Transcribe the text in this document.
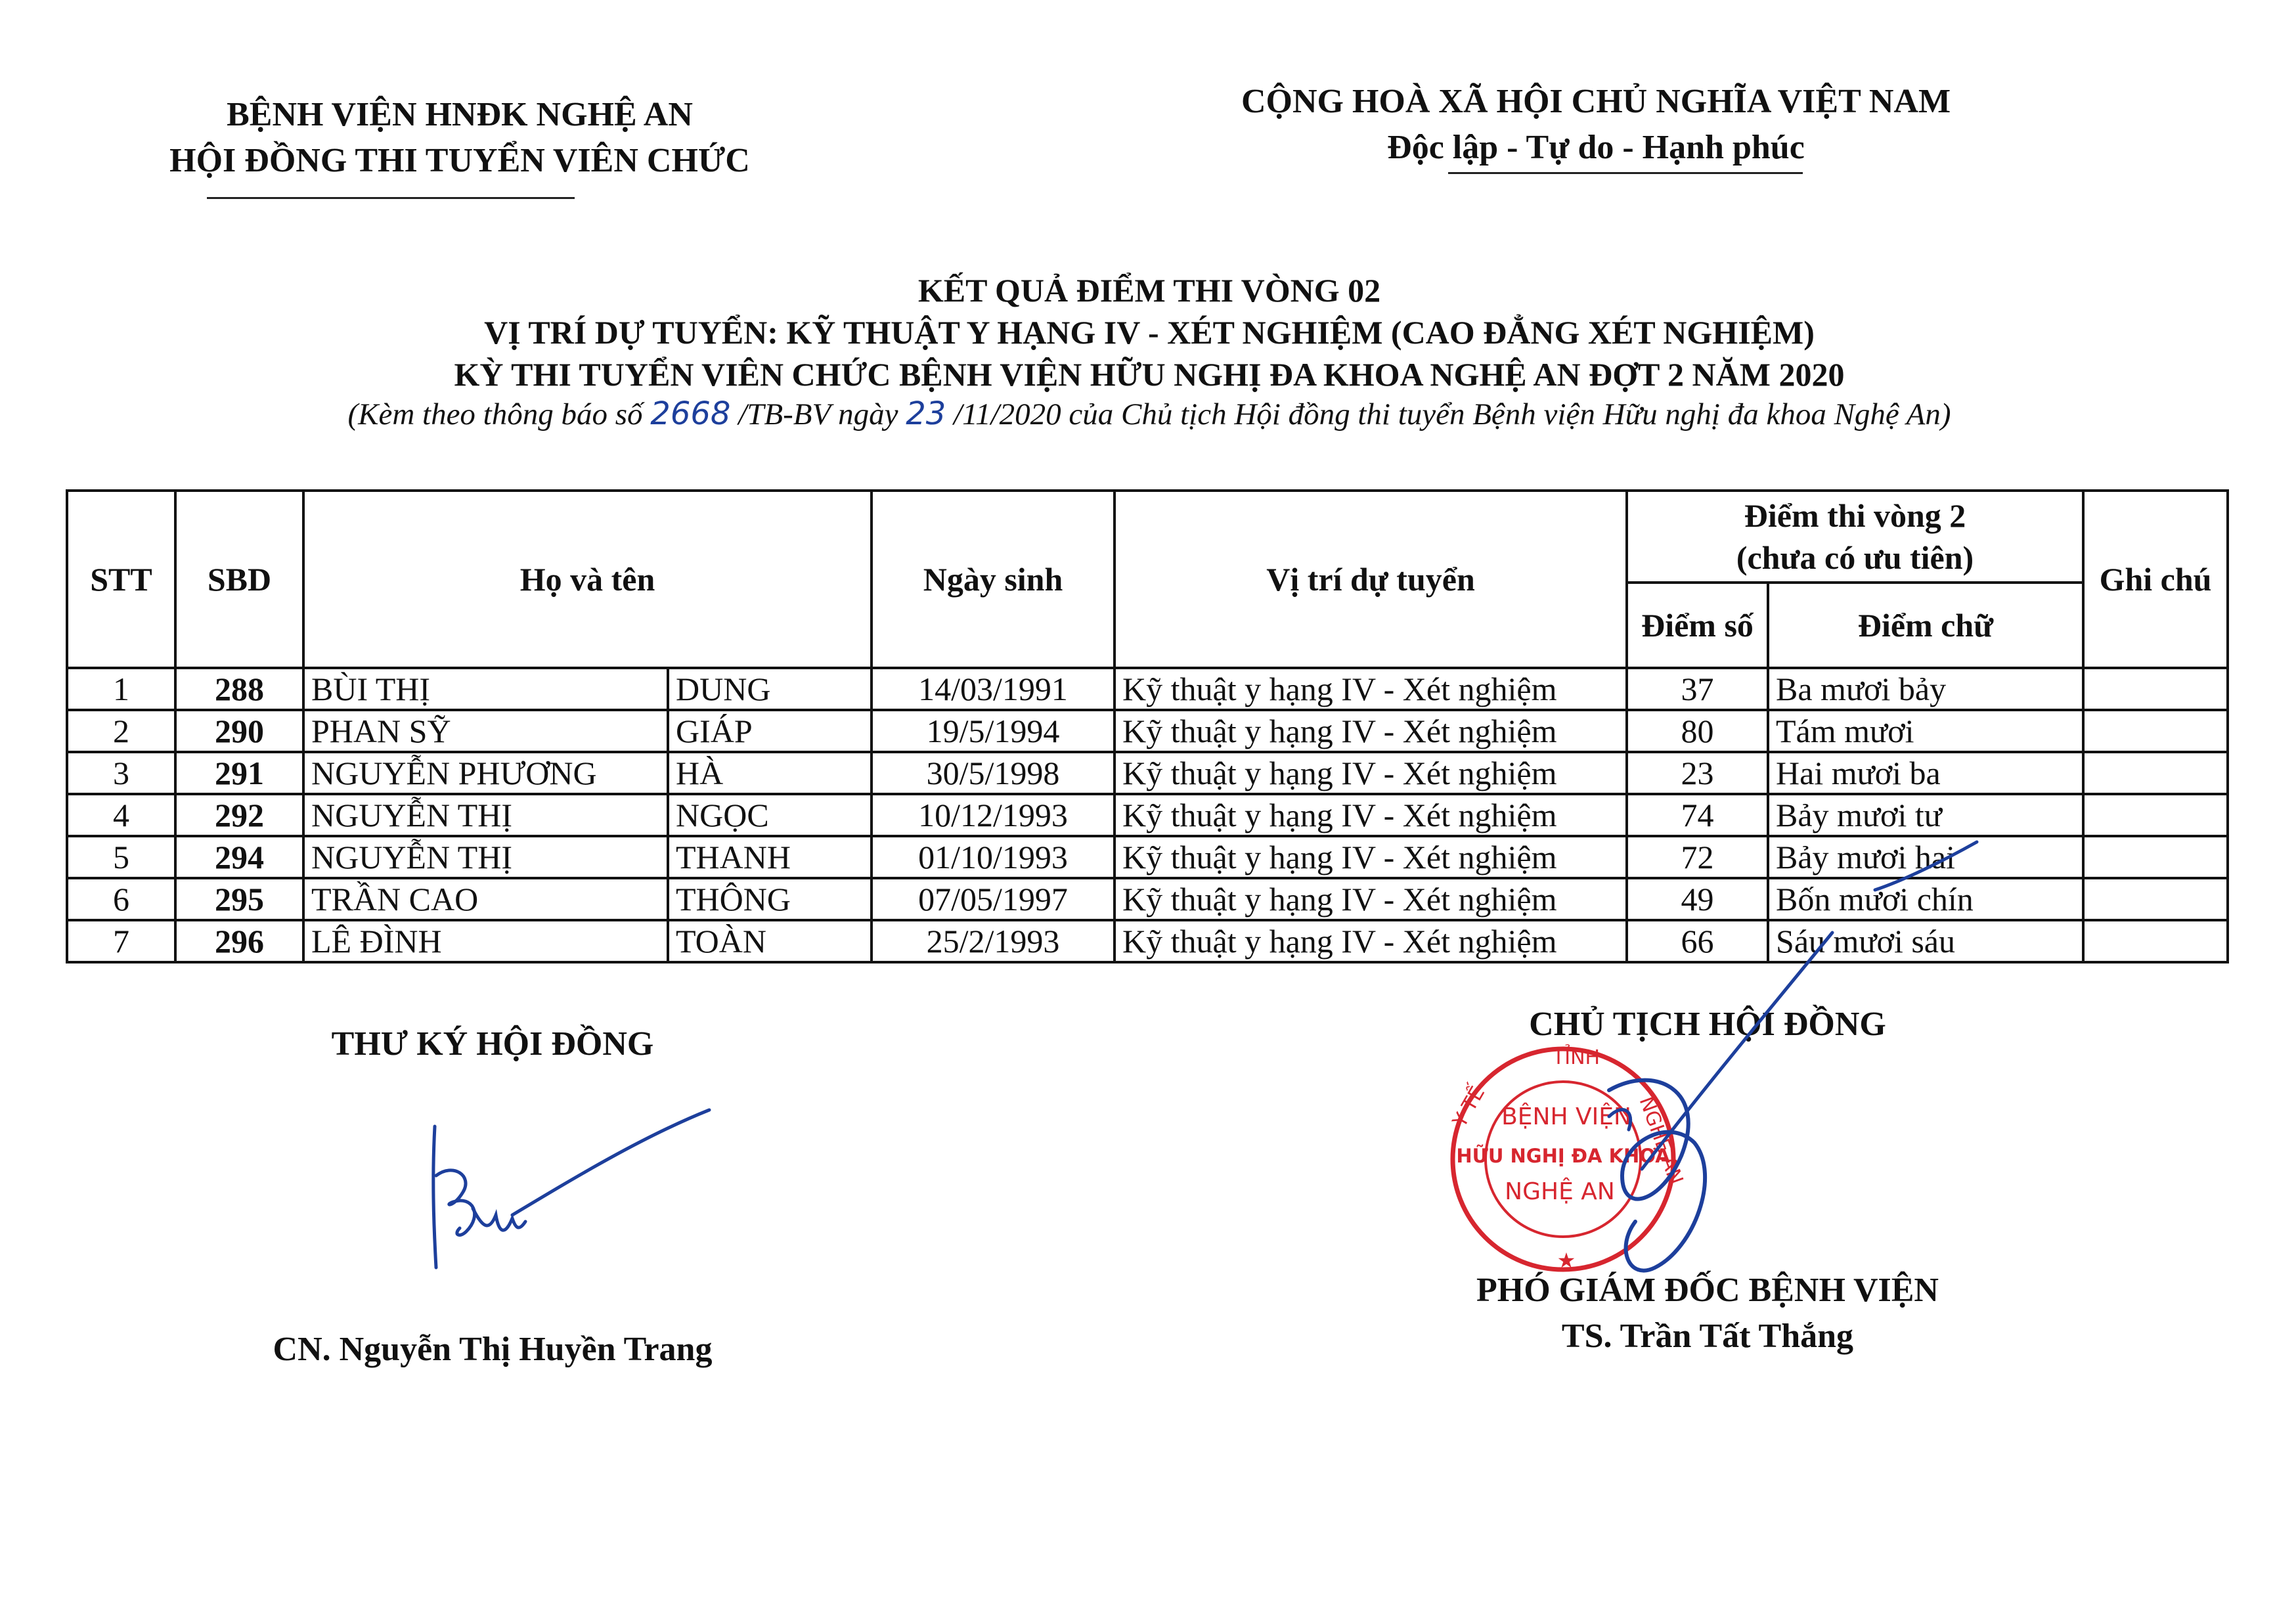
BỆNH VIỆN HNĐK NGHỆ AN
HỘI ĐỒNG THI TUYỂN VIÊN CHỨC
CỘNG HOÀ XÃ HỘI CHỦ NGHĨA VIỆT NAM
Độc lập - Tự do - Hạnh phúc
KẾT QUẢ ĐIỂM THI VÒNG 02
VỊ TRÍ DỰ TUYỂN: KỸ THUẬT Y HẠNG IV - XÉT NGHIỆM (CAO ĐẲNG XÉT NGHIỆM)
KỲ THI TUYỂN VIÊN CHỨC BỆNH VIỆN HỮU NGHỊ ĐA KHOA NGHỆ AN ĐỢT 2 NĂM 2020
(Kèm theo thông báo số 2668 /TB-BV ngày 23 /11/2020 của Chủ tịch Hội đồng thi tuyển Bệnh viện Hữu nghị đa khoa Nghệ An)
STT	SBD	Họ và tên		Ngày sinh	Vị trí dự tuyển	Điểm thi vòng 2
(chưa có ưu tiên)		Ghi chú
						Điểm số	Điểm chữ	
1	288	BÙI THỊ	DUNG	14/03/1991	Kỹ thuật y hạng IV - Xét nghiệm	37	Ba mươi bảy	
2	290	PHAN SỸ	GIÁP	19/5/1994	Kỹ thuật y hạng IV - Xét nghiệm	80	Tám mươi	
3	291	NGUYỄN PHƯƠNG	HÀ	30/5/1998	Kỹ thuật y hạng IV - Xét nghiệm	23	Hai mươi ba	
4	292	NGUYỄN THỊ	NGỌC	10/12/1993	Kỹ thuật y hạng IV - Xét nghiệm	74	Bảy mươi tư	
5	294	NGUYỄN THỊ	THANH	01/10/1993	Kỹ thuật y hạng IV - Xét nghiệm	72	Bảy mươi hai	
6	295	TRẦN CAO	THÔNG	07/05/1997	Kỹ thuật y hạng IV - Xét nghiệm	49	Bốn mươi chín	
7	296	LÊ ĐÌNH	TOÀN	25/2/1993	Kỹ thuật y hạng IV - Xét nghiệm	66	Sáu mươi sáu	
THƯ KÝ HỘI ĐỒNG
CN. Nguyễn Thị Huyền Trang
CHỦ TỊCH HỘI ĐỒNG
PHÓ GIÁM ĐỐC BỆNH VIỆN
TS. Trần Tất Thắng
TỈNH
Y TẾ	NGHỆ AN
BỆNH VIỆN
HỮU NGHỊ ĐA KHOA
NGHỆ AN
★
